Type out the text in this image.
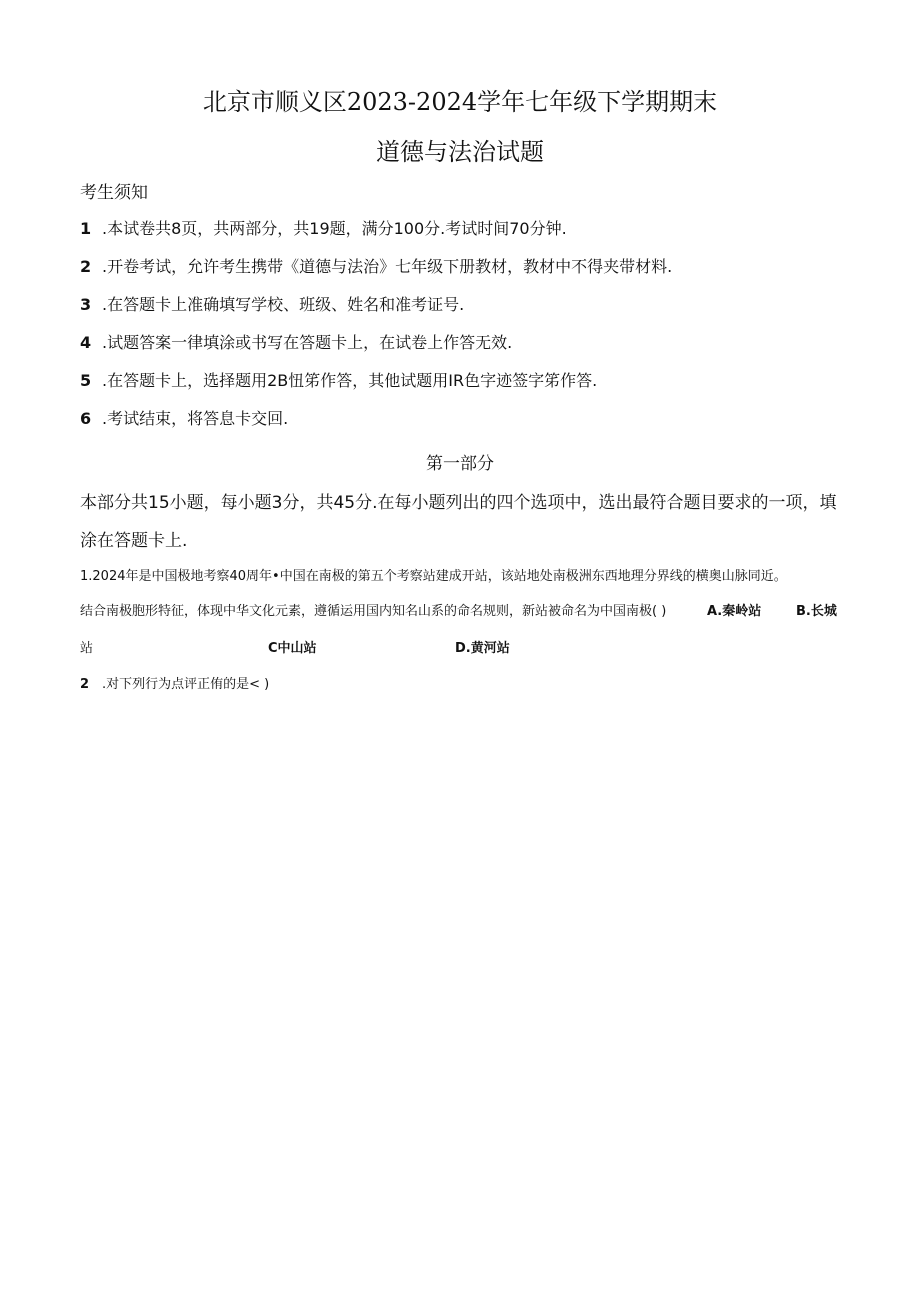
北京市顺义区2023-2024学年七年级下学期期末
道德与法治试题
考生须知
1 .本试卷共8页，共两部分，共19题，满分100分.考试时间70分钟.
2 .开卷考试，允许考生携带《道德与法治》七年级下册教材，教材中不得夹带材料.
3 .在答题卡上准确填写学校、班级、姓名和准考证号.
4 .试题答案一律填涂或书写在答题卡上，在试卷上作答无效.
5 .在答题卡上，选择题用2B忸笫作答，其他试题用IR色字迹签字笫作答.
6 .考试结束，将答息卡交回.
第一部分
本部分共15小题，每小题3分，共45分.在每小题列出的四个选项中，选出最符合题目要求的一项，填涂在答题卡上.
1.2024年是中国极地考察40周年•中国在南极的第五个考察站建成开站，该站地处南极洲东西地理分界线的横奥山脉同近。
结合南极胞形特征，体现中华文化元素，遵循运用国内知名山系的命名规则，新站被命名为中国南极( )	A.秦岭站	B.长城
站	C中山站	D.黄河站
2 .对下列行为点评正侑的是< )
